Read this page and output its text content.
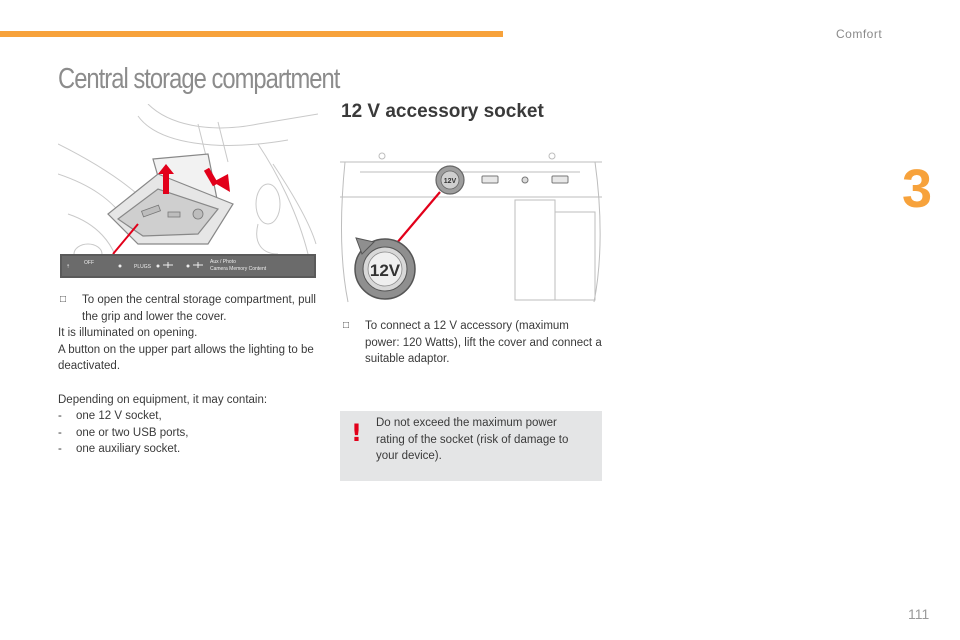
Comfort
3
Central storage compartment
12 V accessory socket
⇡
OFF
PLUGS
Aux / Photo
Camera Memory Content
12V
12V
□ To open the central storage compartment, pull the grip and lower the cover.

It is illuminated on opening.

A button on the upper part allows the lighting to be deactivated.

Depending on equipment, it may contain:

- one 12 V socket,
- one or two USB ports,
- one auxiliary socket.
□ To connect a 12 V accessory (maximum power: 120 Watts), lift the cover and connect a suitable adaptor.
! Do not exceed the maximum power rating of the socket (risk of damage to your device).
111
